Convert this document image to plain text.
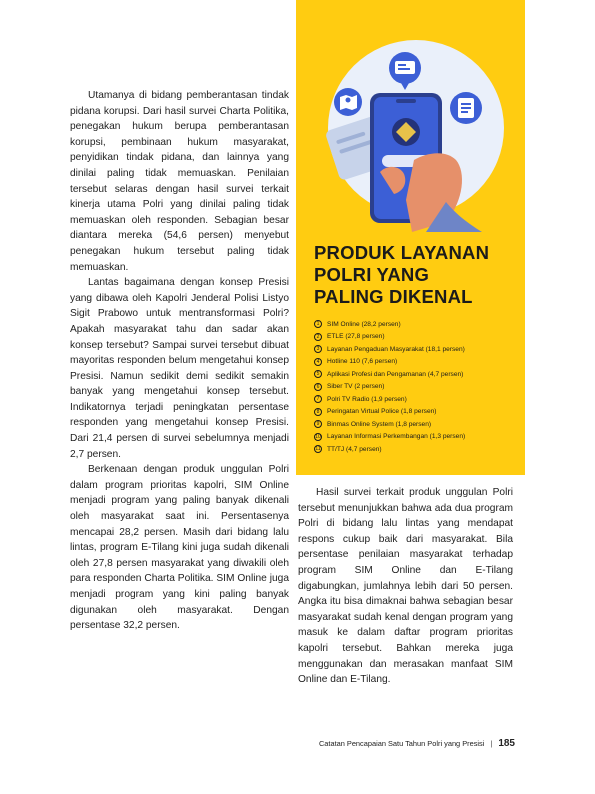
Utamanya di bidang pemberantasan tindak pidana korupsi. Dari hasil survei Charta Politika, penegakan hukum berupa pemberantasan korupsi, pembinaan hukum masyarakat, penyidikan tindak pidana, dan lainnya yang dinilai paling tidak memuaskan. Penilaian tersebut selaras dengan hasil survei terkait kinerja utama Polri yang dinilai paling tidak memuaskan oleh responden. Sebagian besar diantara mereka (54,6 persen) menyebut penegakan hukum tersebut paling tidak memuaskan.

Lantas bagaimana dengan konsep Presisi yang dibawa oleh Kapolri Jenderal Polisi Listyo Sigit Prabowo untuk mentransformasi Polri? Apakah masyarakat tahu dan sadar akan konsep tersebut? Sampai survei tersebut dibuat mayoritas responden belum mengetahui konsep Presisi. Namun sedikit demi sedikit semakin banyak yang mengetahui konsep tersebut. Indikatornya terjadi peningkatan persentase responden yang mengetahui konsep Presisi. Dari 21,4 persen di survei sebelumnya menjadi 2,7 persen.

Berkenaan dengan produk unggulan Polri dalam program prioritas kapolri, SIM Online menjadi program yang paling banyak dikenali oleh masyarakat saat ini. Persentasenya mencapai 28,2 persen. Masih dari bidang lalu lintas, program E-Tilang kini juga sudah dikenali oleh 27,8 persen masyarakat yang diwakili oleh para responden Charta Politika. SIM Online juga menjadi program yang kini paling banyak digunakan oleh masyarakat. Dengan persentase 32,2 persen.

PRODUK LAYANAN
POLRI YANG
PALING DIKENAL
1	SIM Online (28,2 persen)
2	ETLE (27,8 persen)
3	Layanan Pengaduan Masyarakat (18,1 persen)
4	Hotline 110 (7,6 persen)
5	Aplikasi Profesi dan Pengamanan (4,7 persen)
6	Siber TV (2 persen)
7	Polri TV Radio (1,9 persen)
8	Peringatan Virtual Police (1,8 persen)
9	Binmas Online System (1,8 persen)
10 Layanan Informasi Perkembangan (1,3 persen)
11 TT/TJ (4,7 persen)

Hasil survei terkait produk unggulan Polri tersebut menunjukkan bahwa ada dua program Polri di bidang lalu lintas yang mendapat respons cukup baik dari masyarakat. Bila persentase penilaian masyarakat terhadap program SIM Online dan E-Tilang digabungkan, jumlahnya lebih dari 50 persen. Angka itu bisa dimaknai bahwa sebagian besar masyarakat sudah kenal dengan program yang masuk ke dalam daftar program prioritas kapolri tersebut. Bahkan mereka juga menggunakan dan merasakan manfaat SIM Online dan E-Tilang.

Catatan Pencapaian Satu Tahun Polri yang Presisi | 185
